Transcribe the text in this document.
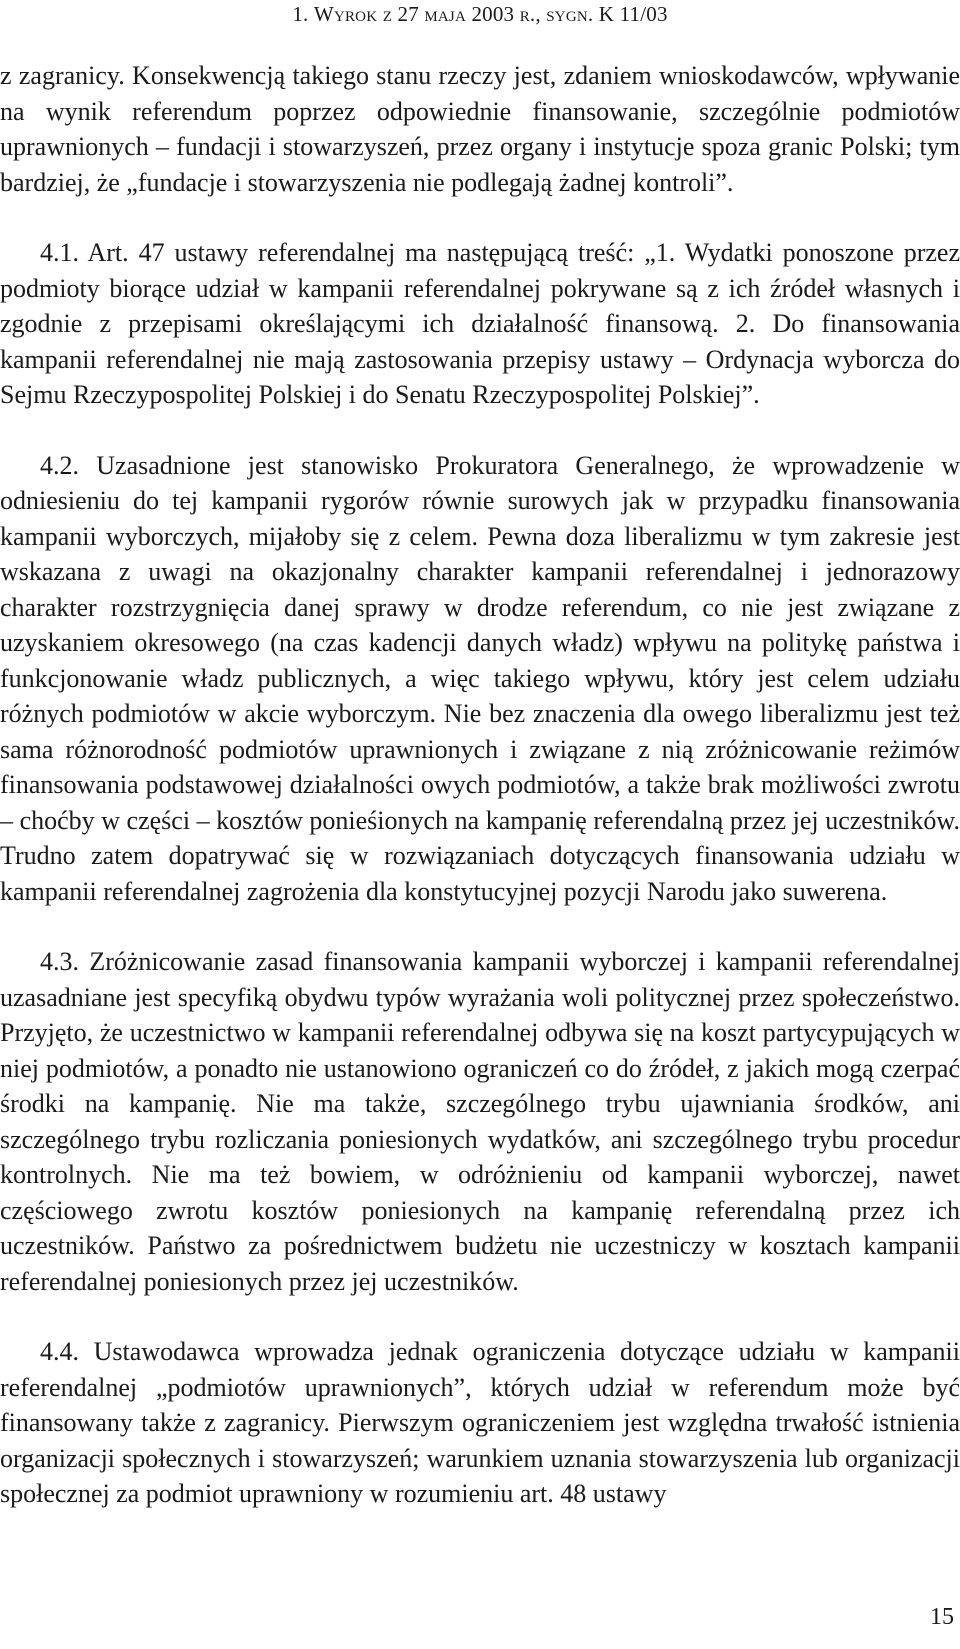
1. Wyrok z 27 maja 2003 r., sygn. K 11/03

z zagranicy. Konsekwencją takiego stanu rzeczy jest, zdaniem wnioskodawców, wpływanie na wynik referendum poprzez odpowiednie finansowanie, szczególnie podmiotów uprawnionych – fundacji i stowarzyszeń, przez organy i instytucje spoza granic Polski; tym bardziej, że „fundacje i stowarzyszenia nie podlegają żadnej kontroli”.

4.1. Art. 47 ustawy referendalnej ma następującą treść: „1. Wydatki ponoszone przez podmioty biorące udział w kampanii referendalnej pokrywane są z ich źródeł własnych i zgodnie z przepisami określającymi ich działalność finansową. 2. Do finansowania kampanii referendalnej nie mają zastosowania przepisy ustawy – Ordynacja wyborcza do Sejmu Rzeczypospolitej Polskiej i do Senatu Rzeczypospolitej Polskiej”.

4.2. Uzasadnione jest stanowisko Prokuratora Generalnego, że wprowadzenie w odniesieniu do tej kampanii rygorów równie surowych jak w przypadku finansowania kampanii wyborczych, mijałoby się z celem. Pewna doza liberalizmu w tym zakresie jest wskazana z uwagi na okazjonalny charakter kampanii referendalnej i jednorazowy charakter rozstrzygnięcia danej sprawy w drodze referendum, co nie jest związane z uzyskaniem okresowego (na czas kadencji danych władz) wpływu na politykę państwa i funkcjonowanie władz publicznych, a więc takiego wpływu, który jest celem udziału różnych podmiotów w akcie wyborczym. Nie bez znaczenia dla owego liberalizmu jest też sama różnorodność podmiotów uprawnionych i związane z nią zróżnicowanie reżimów finansowania podstawowej działalności owych podmiotów, a także brak możliwości zwrotu – choćby w części – kosztów ponieśionych na kampanię referendalną przez jej uczestników. Trudno zatem dopatrywać się w rozwiązaniach dotyczących finansowania udziału w kampanii referendalnej zagrożenia dla konstytucyjnej pozycji Narodu jako suwerena.

4.3. Zróżnicowanie zasad finansowania kampanii wyborczej i kampanii referendalnej uzasadniane jest specyfiką obydwu typów wyrażania woli politycznej przez społeczeństwo. Przyjęto, że uczestnictwo w kampanii referendalnej odbywa się na koszt partycypujących w niej podmiotów, a ponadto nie ustanowiono ograniczeń co do źródeł, z jakich mogą czerpać środki na kampanię. Nie ma także, szczególnego trybu ujawniania środków, ani szczególnego trybu rozliczania poniesionych wydatków, ani szczególnego trybu procedur kontrolnych. Nie ma też bowiem, w odróżnieniu od kampanii wyborczej, nawet częściowego zwrotu kosztów poniesionych na kampanię referendalną przez ich uczestników. Państwo za pośrednictwem budżetu nie uczestniczy w kosztach kampanii referendalnej poniesionych przez jej uczestników.

4.4. Ustawodawca wprowadza jednak ograniczenia dotyczące udziału w kampanii referendalnej „podmiotów uprawnionych”, których udział w referendum może być finansowany także z zagranicy. Pierwszym ograniczeniem jest względna trwałość istnienia organizacji społecznych i stowarzyszeń; warunkiem uznania stowarzyszenia lub organizacji społecznej za podmiot uprawniony w rozumieniu art. 48 ustawy

15
